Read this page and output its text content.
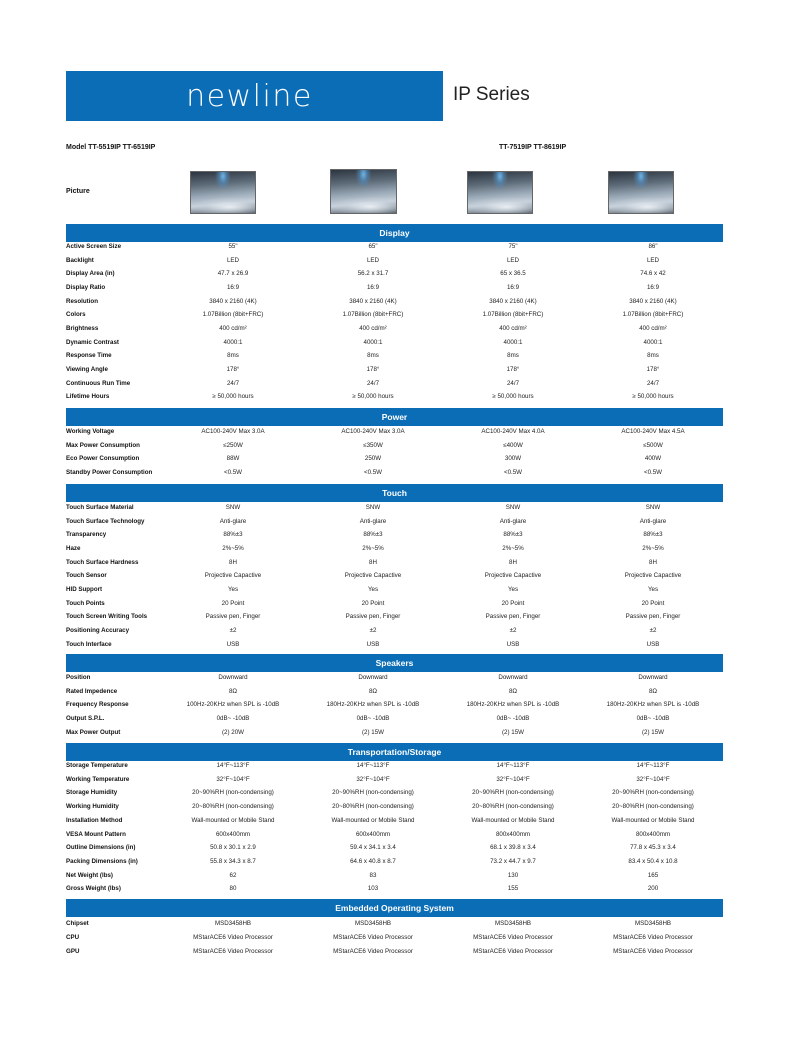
newline	IP Series
Model TT-5519IP TT-6519IP	TT-7519IP TT-8619IP
Picture
Display
Active Screen Size	55"	65"	75"	86"
Backlight	LED	LED	LED	LED
Display Area (in)	47.7 x 26.9	56.2 x 31.7	65 x 36.5	74.6 x 42
Display Ratio	16:9	16:9	16:9	16:9
Resolution	3840 x 2160 (4K)	3840 x 2160 (4K)	3840 x 2160 (4K)	3840 x 2160 (4K)
Colors	1.07Billion (8bit+FRC)	1.07Billion (8bit+FRC)	1.07Billion (8bit+FRC)	1.07Billion (8bit+FRC)
Brightness	400 cd/m²	400 cd/m²	400 cd/m²	400 cd/m²
Dynamic Contrast	4000:1	4000:1	4000:1	4000:1
Response Time	8ms	8ms	8ms	8ms
Viewing Angle	178°	178°	178°	178°
Continuous Run Time	24/7	24/7	24/7	24/7
Lifetime Hours	≥ 50,000 hours	≥ 50,000 hours	≥ 50,000 hours	≥ 50,000 hours
Power
Working Voltage	AC100-240V Max 3.0A	AC100-240V Max 3.0A	AC100-240V Max 4.0A	AC100-240V Max 4.5A
Max Power Consumption	≤250W	≤350W	≤400W	≤500W
Eco Power Consumption	88W	250W	300W	400W
Standby Power Consumption	<0.5W	<0.5W	<0.5W	<0.5W
Touch
Touch Surface Material	SNW	SNW	SNW	SNW
Touch Surface Technology	Anti-glare	Anti-glare	Anti-glare	Anti-glare
Transparency	88%±3	88%±3	88%±3	88%±3
Haze	2%~5%	2%~5%	2%~5%	2%~5%
Touch Surface Hardness	8H	8H	8H	8H
Touch Sensor	Projective Capactive	Projective Capactive	Projective Capactive	Projective Capactive
HID Support	Yes	Yes	Yes	Yes
Touch Points	20 Point	20 Point	20 Point	20 Point
Touch Screen Writing Tools	Passive pen, Finger	Passive pen, Finger	Passive pen, Finger	Passive pen, Finger
Positioning Accuracy	±2	±2	±2	±2
Touch Interface	USB	USB	USB	USB
Speakers
Position	Downward	Downward	Downward	Downward
Rated Impedence	8Ω	8Ω	8Ω	8Ω
Frequency Response	100Hz-20KHz when SPL is -10dB	180Hz-20KHz when SPL is -10dB	180Hz-20KHz when SPL is -10dB	180Hz-20KHz when SPL is -10dB
Output S.P.L.	0dB~ -10dB	0dB~ -10dB	0dB~ -10dB	0dB~ -10dB
Max Power Output	(2) 20W	(2) 15W	(2) 15W	(2) 15W
Transportation/Storage
Storage Temperature	14°F~113°F	14°F~113°F	14°F~113°F	14°F~113°F
Working Temperature	32°F~104°F	32°F~104°F	32°F~104°F	32°F~104°F
Storage Humidity	20~90%RH (non-condensing)	20~90%RH (non-condensing)	20~90%RH (non-condensing)	20~90%RH (non-condensing)
Working Humidity	20~80%RH (non-condensing)	20~80%RH (non-condensing)	20~80%RH (non-condensing)	20~80%RH (non-condensing)
Installation Method	Wall-mounted or Mobile Stand	Wall-mounted or Mobile Stand	Wall-mounted or Mobile Stand	Wall-mounted or Mobile Stand
VESA Mount Pattern	600x400mm	600x400mm	800x400mm	800x400mm
Outline Dimensions (in)	50.8 x 30.1 x 2.9	59.4 x 34.1 x 3.4	68.1 x 39.8 x 3.4	77.8 x 45.3 x 3.4
Packing Dimensions (in)	55.8 x 34.3 x 8.7	64.6 x 40.8 x 8.7	73.2 x 44.7 x 9.7	83.4 x 50.4 x 10.8
Net Weight (lbs)	62	83	130	165
Gross Weight (lbs)	80	103	155	200
Embedded Operating System
Chipset	MSD3458HB	MSD3458HB	MSD3458HB	MSD3458HB
CPU	MStarACE6 Video Processor	MStarACE6 Video Processor	MStarACE6 Video Processor	MStarACE6 Video Processor
GPU	MStarACE6 Video Processor	MStarACE6 Video Processor	MStarACE6 Video Processor	MStarACE6 Video Processor
